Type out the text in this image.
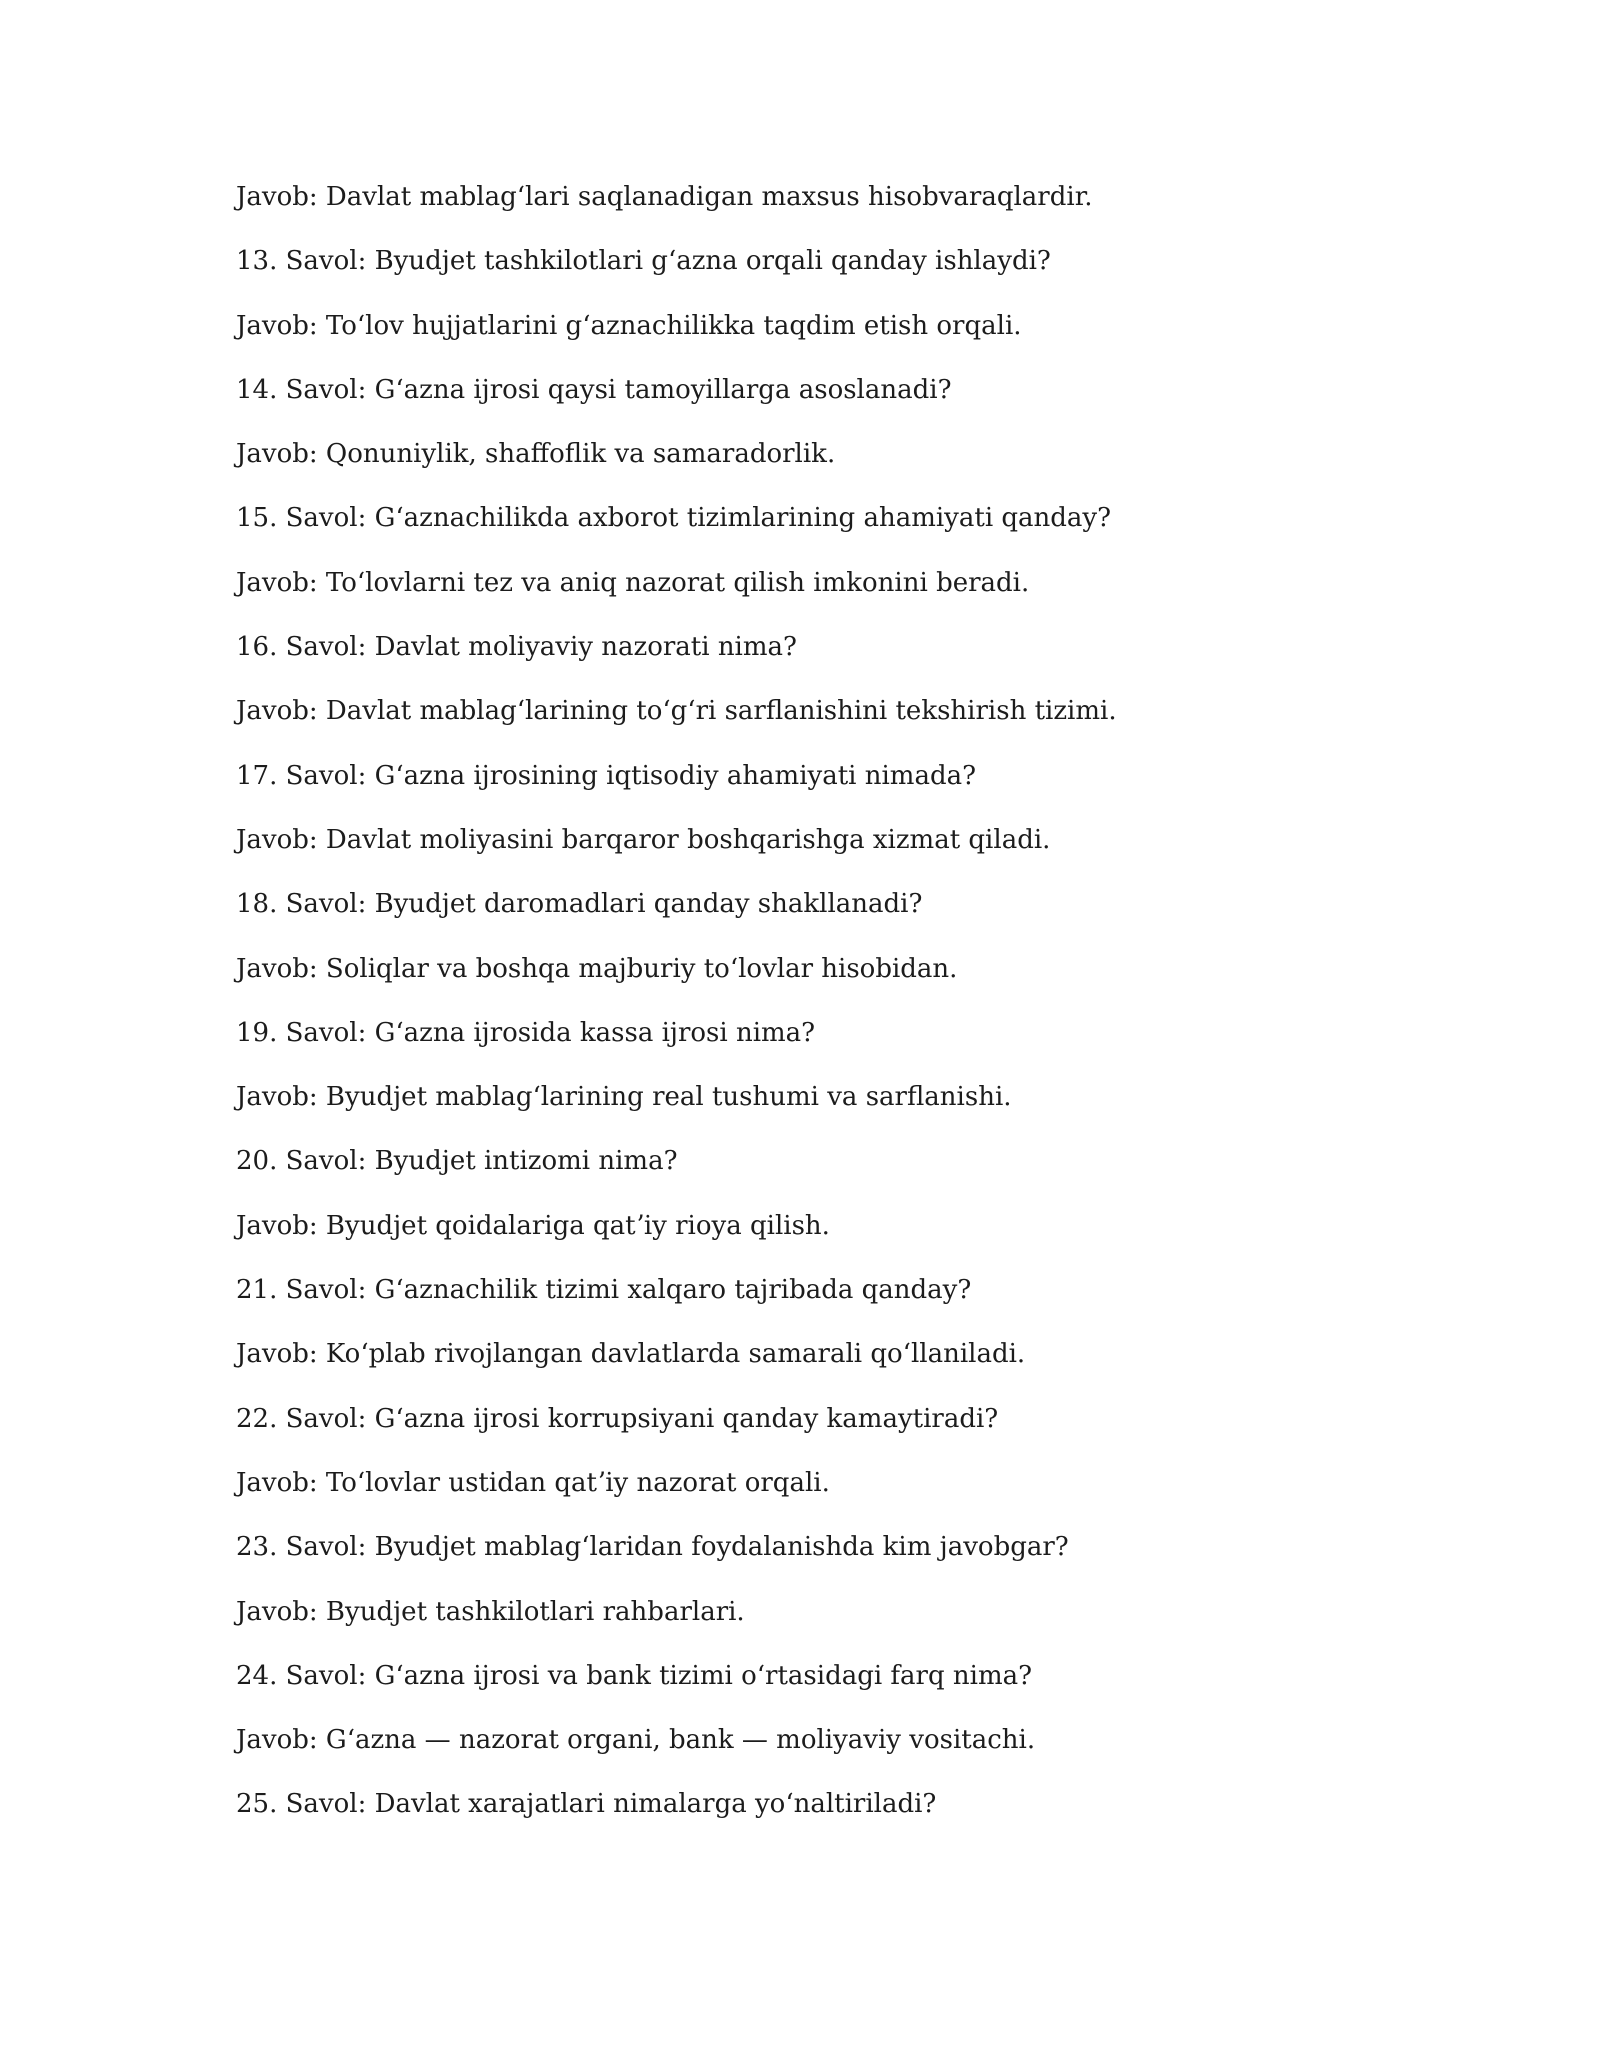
Javob: Davlat mablagʻlari saqlanadigan maxsus hisobvaraqlardir.
13. Savol: Byudjet tashkilotlari gʻazna orqali qanday ishlaydi?
Javob: Toʻlov hujjatlarini gʻaznachilikka taqdim etish orqali.
14. Savol: Gʻazna ijrosi qaysi tamoyillarga asoslanadi?
Javob: Qonuniylik, shaffoflik va samaradorlik.
15. Savol: Gʻaznachilikda axborot tizimlarining ahamiyati qanday?
Javob: Toʻlovlarni tez va aniq nazorat qilish imkonini beradi.
16. Savol: Davlat moliyaviy nazorati nima?
Javob: Davlat mablagʻlarining toʻgʻri sarflanishini tekshirish tizimi.
17. Savol: Gʻazna ijrosining iqtisodiy ahamiyati nimada?
Javob: Davlat moliyasini barqaror boshqarishga xizmat qiladi.
18. Savol: Byudjet daromadlari qanday shakllanadi?
Javob: Soliqlar va boshqa majburiy toʻlovlar hisobidan.
19. Savol: Gʻazna ijrosida kassa ijrosi nima?
Javob: Byudjet mablagʻlarining real tushumi va sarflanishi.
20. Savol: Byudjet intizomi nima?
Javob: Byudjet qoidalariga qatʼiy rioya qilish.
21. Savol: Gʻaznachilik tizimi xalqaro tajribada qanday?
Javob: Koʻplab rivojlangan davlatlarda samarali qoʻllaniladi.
22. Savol: Gʻazna ijrosi korrupsiyani qanday kamaytiradi?
Javob: Toʻlovlar ustidan qatʼiy nazorat orqali.
23. Savol: Byudjet mablagʻlaridan foydalanishda kim javobgar?
Javob: Byudjet tashkilotlari rahbarlari.
24. Savol: Gʻazna ijrosi va bank tizimi oʻrtasidagi farq nima?
Javob: Gʻazna — nazorat organi, bank — moliyaviy vositachi.
25. Savol: Davlat xarajatlari nimalarga yoʻnaltiriladi?
